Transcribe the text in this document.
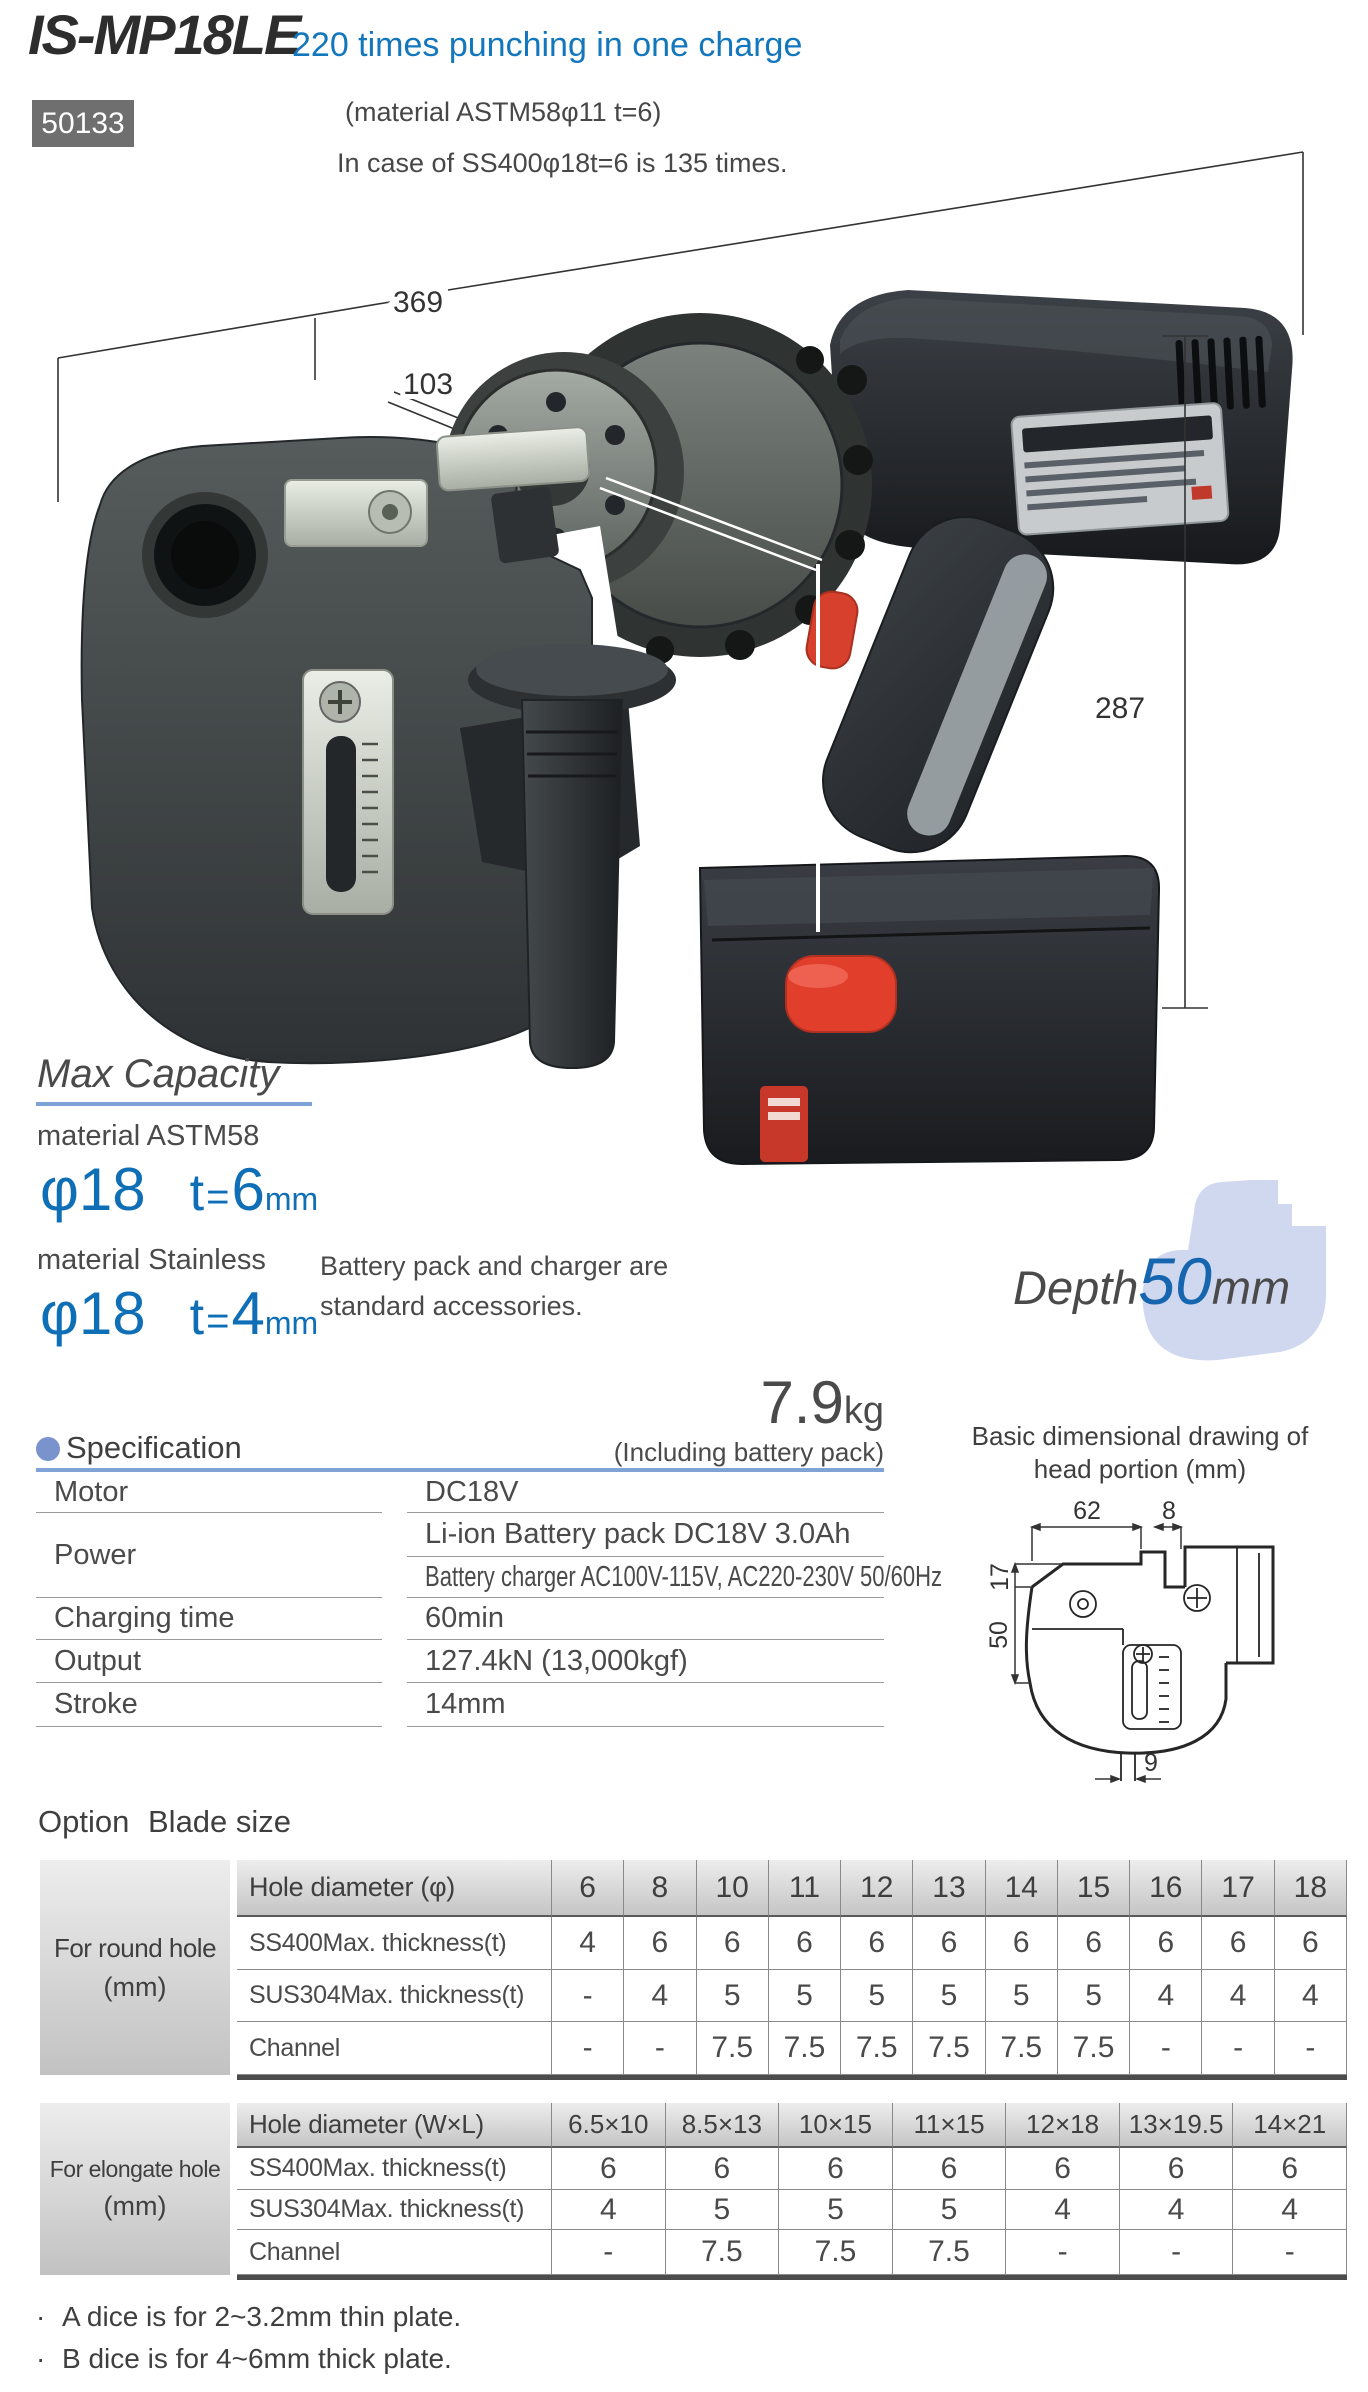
IS-MP18LE
50133
220 times punching in one charge
(material ASTM58φ11 t=6)
In case of SS400φ18t=6 is 135 times.
369
103
287
Max Capacity
material ASTM58
φ18 t = 6 mm
material Stainless
φ18 t = 4 mm
Battery pack and charger are
standard accessories.	Depth 50 mm
7.9 kg
(Including battery pack)
Specification
Motor	DC18V
Power
Li-ion Battery pack DC18V 3.0Ah
Battery charger AC100V-115V, AC220-230V 50/60Hz
Charging time	60min
Output	127.4kN (13,000kgf)
Stroke	14mm
Basic dimensional drawing of
head portion (mm)
62 8
17
50
9
Option Blade size
For round hole
(mm)
Hole diameter (φ)	6	8	10	11	12	13	14	15	16	17	18
SS400Max. thickness(t)	4	6	6	6	6	6	6	6	6	6	6
SUS304Max. thickness(t)	-	4	5	5	5	5	5	5	4	4	4
Channel	-	-	7.5	7.5	7.5	7.5	7.5	7.5	-	-	-
For elongate hole
(mm)
Hole diameter (W×L)	6.5×10	8.5×13	10×15	11×15	12×18	13×19.5	14×21
SS400Max. thickness(t)	6	6	6	6	6	6	6
SUS304Max. thickness(t)	4	5	5	5	4	4	4
Channel	-	7.5	7.5	7.5	-	-	-
· A dice is for 2~3.2mm thin plate.
· B dice is for 4~6mm thick plate.
